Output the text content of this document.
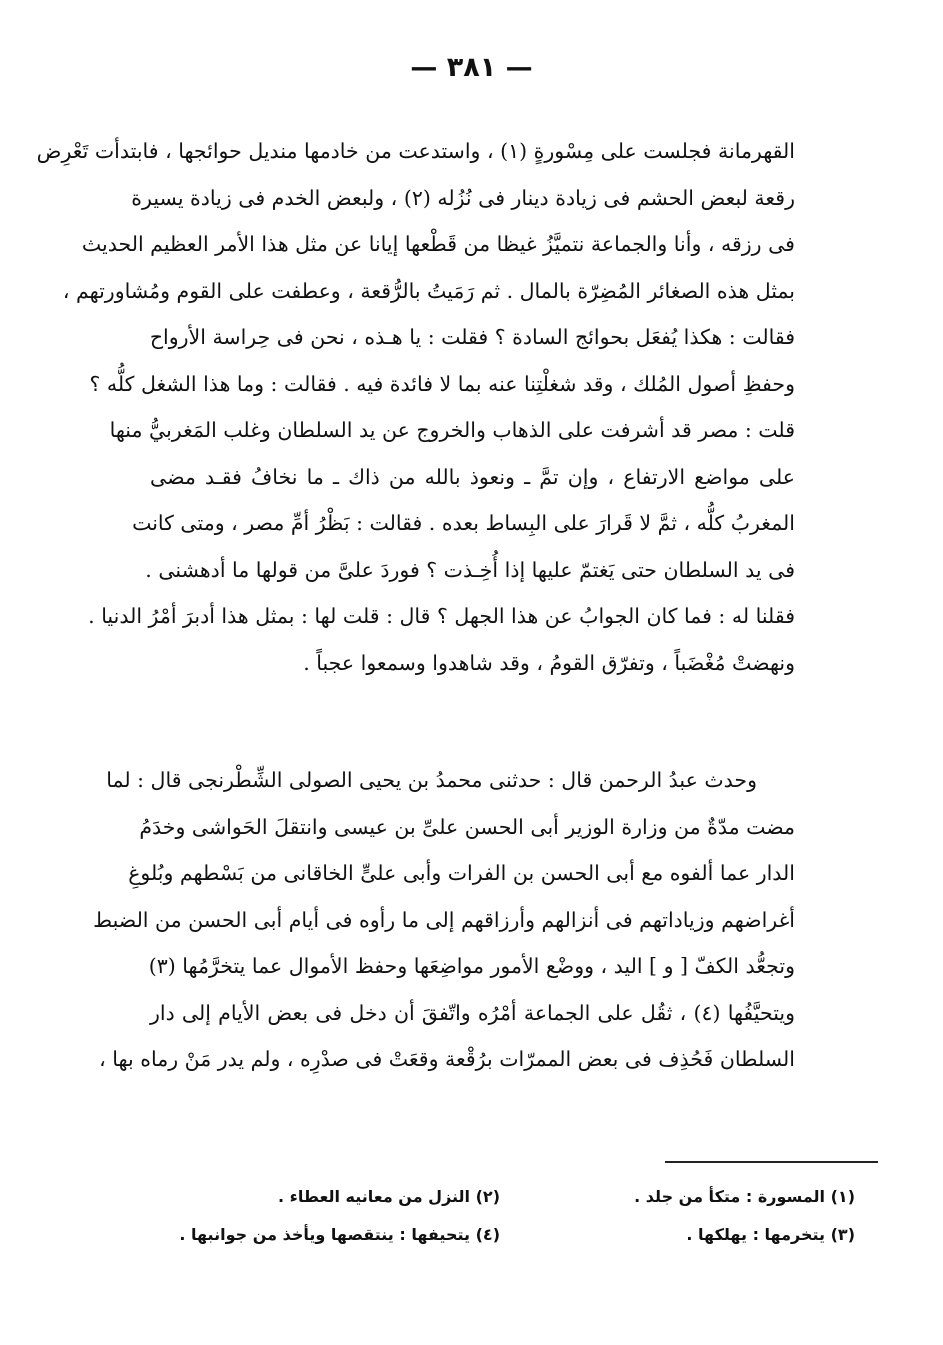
— ٣٨١ —
القهرمانة فجلست على مِسْورةٍ (١) ، واستدعت من خادمها منديل حوائجها ، فابتدأت تَعْرِض
رقعة لبعض الحشم فى زيادة دينار فى نُزُله (٢) ، ولبعض الخدم فى زيادة يسيرة
فى رزقه ، وأنا والجماعة نتميَّزُ غيظا من قَطْعها إيانا عن مثل هذا الأمر العظيم الحديث
بمثل هذه الصغائر المُضِرّة بالمال . ثم رَمَيتُ بالرُّقعة ، وعطفت على القوم ومُشاورتهم ،
فقالت : هكذا يُفعَل بحوائج السادة ؟ فقلت : يا هـذه ، نحن فى حِراسة الأرواح
وحفظِ أصول المُلك ، وقد شغلْتِنا عنه بما لا فائدة فيه . فقالت : وما هذا الشغل كلُّه ؟
قلت : مصر قد أشرفت على الذهاب والخروج عن يد السلطان وغلب المَغربيُّ منها
على مواضع الارتفاع ، وإن تمَّ ـ ونعوذ بالله من ذاك ـ ما نخافُ فقـد مضى
المغربُ كلُّه ، ثمَّ لا قَرارَ على البِساط بعده . فقالت : بَظْرُ أمِّ مصر ، ومتى كانت
فى يد السلطان حتى يَغتمّ عليها إذا أُخِـذت ؟ فوردَ علىَّ من قولها ما أدهشنى .
فقلنا له : فما كان الجوابُ عن هذا الجهل ؟ قال : قلت لها : بمثل هذا أدبرَ أمْرُ الدنيا .
ونهضتْ مُغْضَباً ، وتفرّق القومُ ، وقد شاهدوا وسمعوا عجباً .
وحدث عبدُ الرحمن قال : حدثنى محمدُ بن يحيى الصولى الشِّطْرنجى قال : لما
مضت مدّةٌ من وزارة الوزير أبى الحسن علىِّ بن عيسى وانتقلَ الحَواشى وخدَمُ
الدار عما ألفوه مع أبى الحسن بن الفرات وأبى علىٍّ الخاقانى من بَسْطهم وبُلوغِ
أغراضهم وزياداتهم فى أنزالهم وأرزاقهم إلى ما رأوه فى أيام أبى الحسن من الضبط
وتجعُّد الكفّ [ و ] اليد ، ووضْع الأمور مواضِعَها وحفظ الأموال عما يتخرَّمُها (٣)
ويتحيَّفُها (٤) ، ثقُل على الجماعة أمْرُه واتّفقَ أن دخل فى بعض الأيام إلى دار
السلطان فَحُذِف فى بعض الممرّات برُقْعة وقعَتْ فى صدْرِه ، ولم يدر مَنْ رماه بها ،
(١) المسورة : متكأ من جلد .
(٢) النزل من معانيه العطاء .
(٣) يتخرمها : يهلكها .
(٤) يتحيفها : ينتقصها ويأخذ من جوانبها .
